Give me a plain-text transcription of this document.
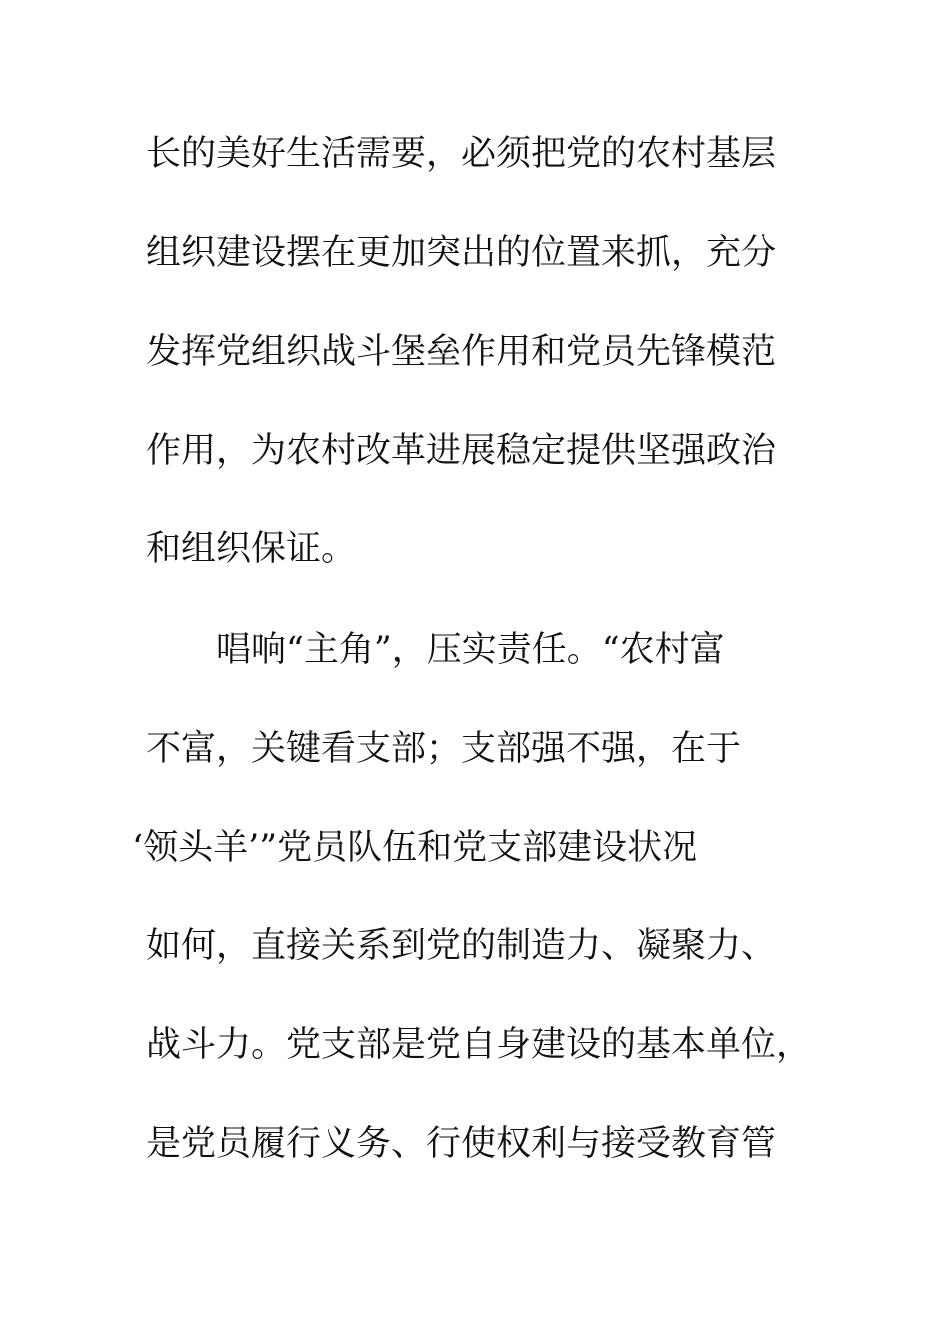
长的美好生活需要，必须把党的农村基层
组织建设摆在更加突出的位置来抓，充分
发挥党组织战斗堡垒作用和党员先锋模范
作用，为农村改革进展稳定提供坚强政治
和组织保证。
唱响“主角”，压实责任。“农村富
不富，关键看支部；支部强不强，在于
‘领头羊’”党员队伍和党支部建设状况
如何，直接关系到党的制造力、凝聚力、
战斗力。党支部是党自身建设的基本单位，
是党员履行义务、行使权利与接受教育管
